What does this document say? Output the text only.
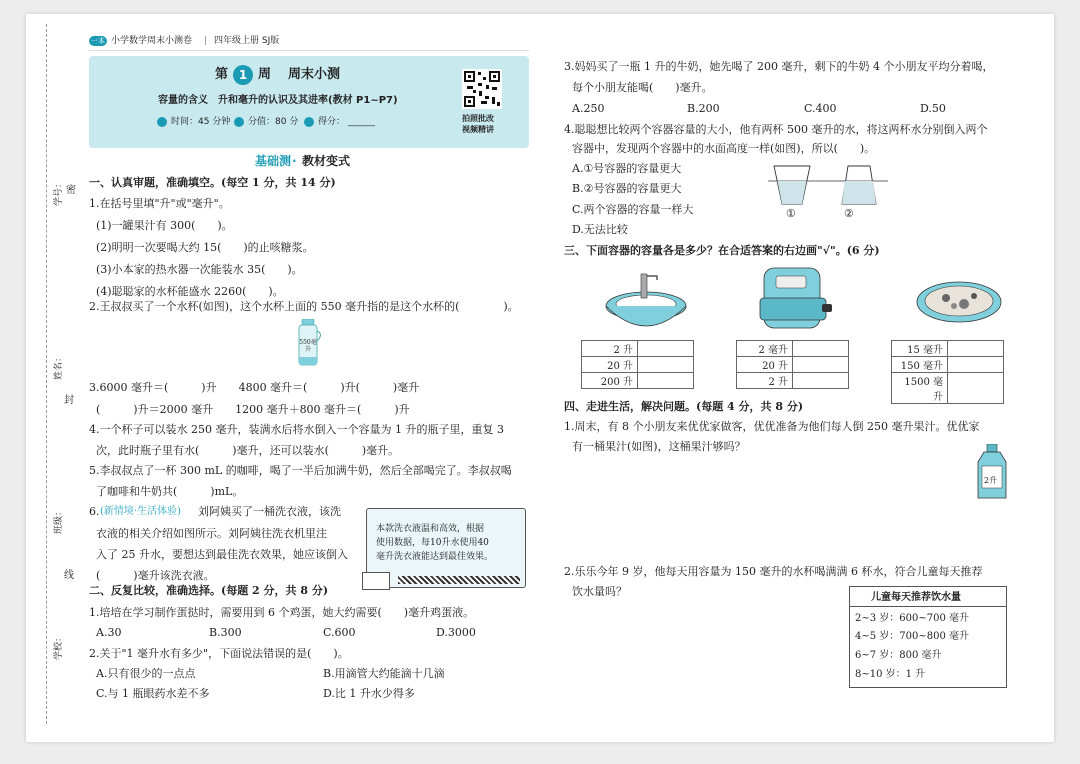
密
封
线
学号：
姓名：
班级：
学校：
一本 小学数学周末小测卷 | 四年级上册 SJ版
第 1 周 周末小测
容量的含义　升和毫升的认识及其进率(教材 P1~P7)
时间：45 分钟 分值：80 分 得分： ______	拍照批改
视频精讲
基础测 · 教材变式
一、认真审题，准确填空。(每空 1 分，共 14 分)
1.在括号里填"升"或"毫升"。
(1)一罐果汁有 300(　　)。
(2)明明一次要喝大约 15(　　)的止咳糖浆。
(3)小本家的热水器一次能装水 35(　　)。
(4)聪聪家的水杯能盛水 2260(　　)。
2.王叔叔买了一个水杯(如图)，这个水杯上面的 550 毫升指的是这个水杯的(　　　　)。
550毫升
3.6000 毫升＝(　　　)升　　4800 毫升＝(　　　)升(　　　)毫升
(　　　)升＝2000 毫升　　1200 毫升＋800 毫升＝(　　　)升
4.一个杯子可以装水 250 毫升，装满水后将水倒入一个容量为 1 升的瓶子里，重复 3
次，此时瓶子里有水(　　　)毫升，还可以装水(　　　)毫升。
5.李叔叔点了一杯 300 mL 的咖啡，喝了一半后加满牛奶，然后全部喝完了。李叔叔喝
了咖啡和牛奶共(　　　)mL。
6. (新情境·生活体验) 刘阿姨买了一桶洗衣液，该洗
衣液的相关介绍如图所示。刘阿姨往洗衣机里注
入了 25 升水，要想达到最佳洗衣效果，她应该倒入
(　　　)毫升该洗衣液。
本款洗衣液温和高效，根据
使用数据，每10升水使用40
毫升洗衣液能达到最佳效果。
二、反复比较，准确选择。(每题 2 分，共 8 分)
1.培培在学习制作蛋挞时，需要用到 6 个鸡蛋，她大约需要(　　)毫升鸡蛋液。
A.30	B.300	C.600	D.3000
2.关于"1 毫升水有多少"，下面说法错误的是(　　)。
A.只有很少的一点点	B.用滴管大约能滴十几滴
C.与 1 瓶眼药水差不多	D.比 1 升水少得多
3.妈妈买了一瓶 1 升的牛奶，她先喝了 200 毫升，剩下的牛奶 4 个小朋友平均分着喝，
每个小朋友能喝(　　)毫升。
A.250	B.200	C.400	D.50
4.聪聪想比较两个容器容量的大小，他有两杯 500 毫升的水，将这两杯水分别倒入两个
容器中，发现两个容器中的水面高度一样(如图)，所以(　　)。
A.①号容器的容量更大
B.②号容器的容量更大
C.两个容器的容量一样大
D.无法比较
①	②
三、下面容器的容量各是多少？在合适答案的右边画"√"。(6 分)
2 升	
20 升	
200 升	
2 毫升	
20 升	
2 升	
15 毫升	
150 毫升	
1500 毫升	
四、走进生活，解决问题。(每题 4 分，共 8 分)
1.周末，有 8 个小朋友来优优家做客，优优准备为他们每人倒 250 毫升果汁。优优家
有一桶果汁(如图)，这桶果汁够吗？
2升
2.乐乐今年 9 岁，他每天用容量为 150 毫升的水杯喝满满 6 杯水，符合儿童每天推荐
饮水量吗？	儿童每天推荐饮水量
2~3 岁：600~700 毫升
4~5 岁：700~800 毫升
6~7 岁：800 毫升
8~10 岁：1 升
